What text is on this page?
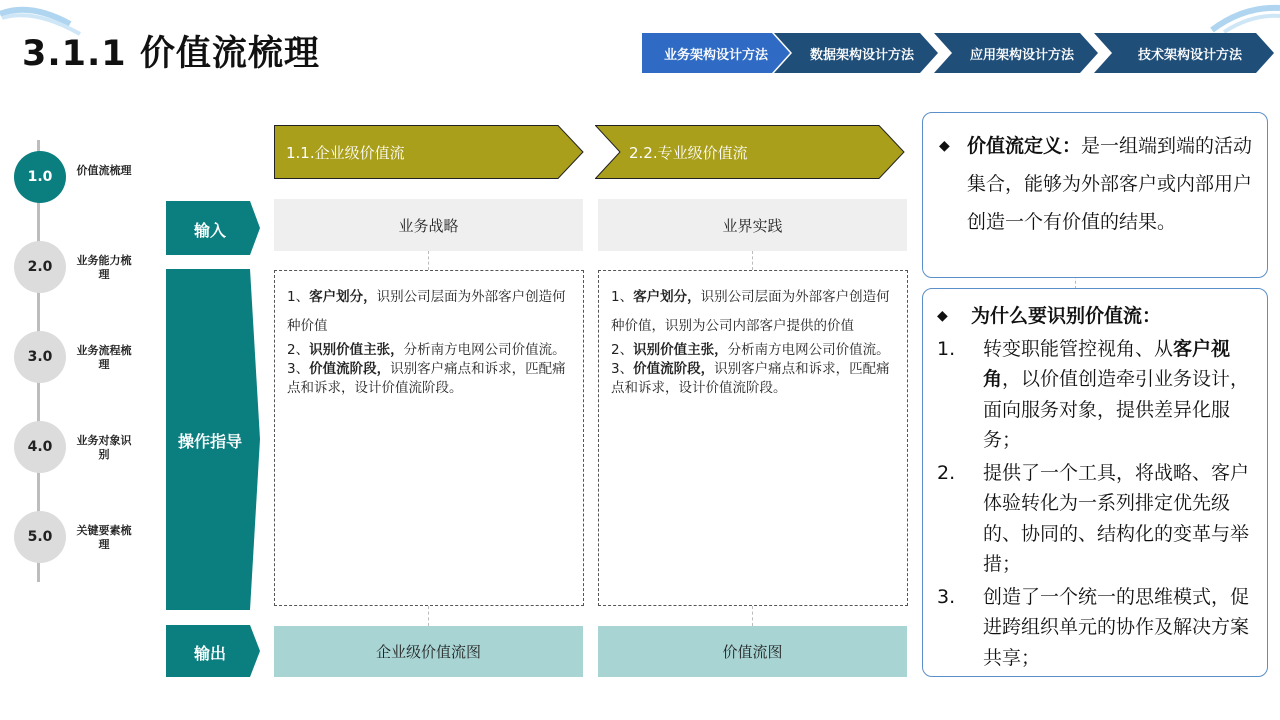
3.1.1 价值流梳理	业务架构设计方法	数据架构设计方法	应用架构设计方法	技术架构设计方法
1.0	价值流梳理
2.0	业务能力梳理
3.0	业务流程梳理
4.0	业务对象识别
5.0	关键要素梳理
输入
操作指导
输出
1.1.企业级价值流	2.2.专业级价值流
业务战略	业界实践

1、客户划分，识别公司层面为外部客户创造何种价值

2、识别价值主张，分析南方电网公司价值流。

3、价值流阶段，识别客户痛点和诉求，匹配痛点和诉求，设计价值流阶段。

1、客户划分，识别公司层面为外部客户创造何种价值，识别为公司内部客户提供的价值

2、识别价值主张，分析南方电网公司价值流。

3、价值流阶段，识别客户痛点和诉求，匹配痛点和诉求，设计价值流阶段。

企业级价值流图	价值流图
◆ 价值流定义：是一组端到端的活动集合，能够为外部客户或内部用户创造一个有价值的结果。
◆	为什么要识别价值流：
1.	转变职能管控视角、从客户视角，以价值创造牵引业务设计，面向服务对象，提供差异化服务；
2.	提供了一个工具，将战略、客户体验转化为一系列排定优先级的、协同的、结构化的变革与举措；
3.	创造了一个统一的思维模式，促进跨组织单元的协作及解决方案共享；
